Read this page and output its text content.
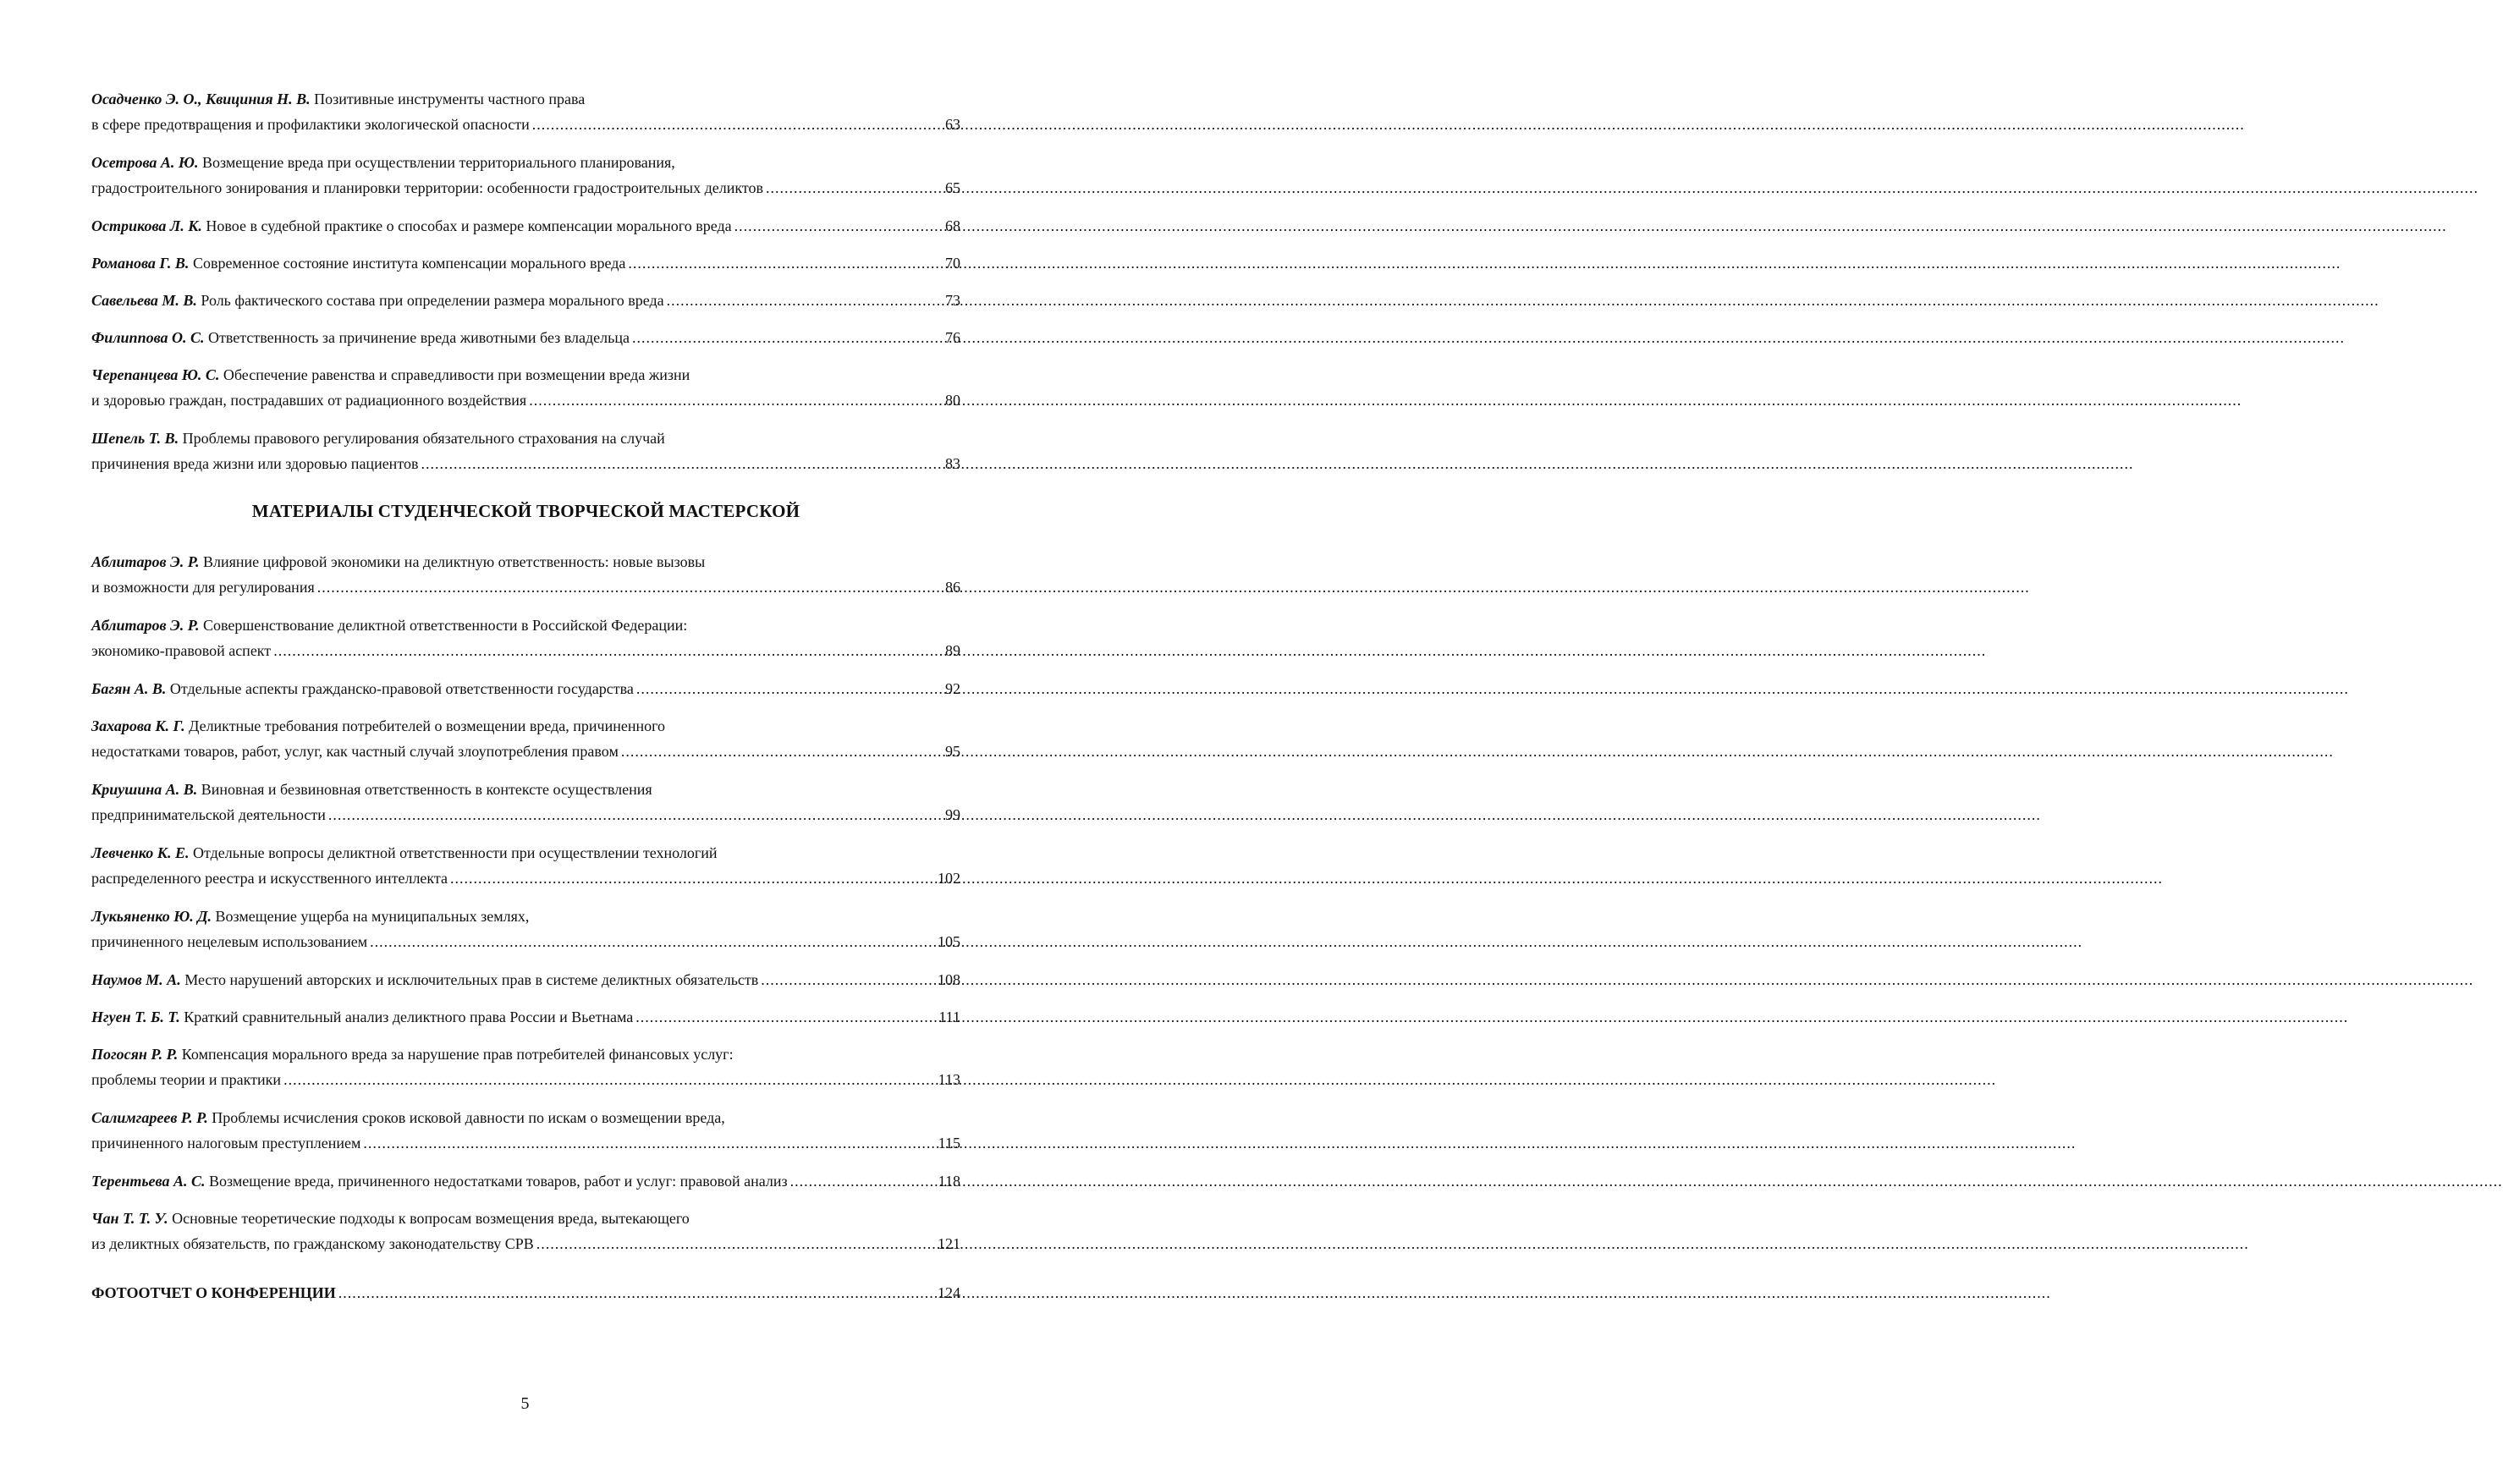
Осадченко Э. О., Квициния Н. В.
Позитивные инструменты частного права
в сфере предотвращения и профилактики экологической опасности .....	63
Осетрова А. Ю.
Возмещение вреда при осуществлении территориального планирования,
градостроительного зонирования и планировки территории: особенности градостроительных деликтов .....	65
Острикова Л. К.
Новое в судебной практике о способах и размере компенсации морального вреда .....	68
Романова Г. В.
Современное состояние института компенсации морального вреда .....	70
Савельева М. В.
Роль фактического состава при определении размера морального вреда .....	73
Филиппова О. С.
Ответственность за причинение вреда животными без владельца .....	76
Черепанцева Ю. С.
Обеспечение равенства и справедливости при возмещении вреда жизни
и здоровью граждан, пострадавших от радиационного воздействия .....	80
Шепель Т. В.
Проблемы правового регулирования обязательного страхования на случай
причинения вреда жизни или здоровью пациентов .....	83
МАТЕРИАЛЫ СТУДЕНЧЕСКОЙ ТВОРЧЕСКОЙ МАСТЕРСКОЙ
Аблитаров Э. Р.
Влияние цифровой экономики на деликтную ответственность: новые вызовы
и возможности для регулирования .....	86
Аблитаров Э. Р.
Совершенствование деликтной ответственности в Российской Федерации:
экономико-правовой аспект .....	89
Багян А. В.
Отдельные аспекты гражданско-правовой ответственности государства .....	92
Захарова К. Г.
Деликтные требования потребителей о возмещении вреда, причиненного
недостатками товаров, работ, услуг, как частный случай злоупотребления правом .....	95
Криушина А. В.
Виновная и безвиновная ответственность в контексте осуществления
предпринимательской деятельности .....	99
Левченко К. Е.
Отдельные вопросы деликтной ответственности при осуществлении технологий
распределенного реестра и искусственного интеллекта .....	102
Лукьяненко Ю. Д.
Возмещение ущерба на муниципальных землях,
причиненного нецелевым использованием .....	105
Наумов М. А.
Место нарушений авторских и исключительных прав в системе деликтных обязательств .....	108
Нгуен Т. Б. Т.
Краткий сравнительный анализ деликтного права России и Вьетнама .....	111
Погосян Р. Р.
Компенсация морального вреда за нарушение прав потребителей финансовых услуг:
проблемы теории и практики .....	113
Салимгареев Р. Р.
Проблемы исчисления сроков исковой давности по искам о возмещении вреда,
причиненного налоговым преступлением .....	115
Терентьева А. С.
Возмещение вреда, причиненного недостатками товаров, работ и услуг: правовой анализ .....	118
Чан Т. Т. У.
Основные теоретические подходы к вопросам возмещения вреда, вытекающего
из деликтных обязательств, по гражданскому законодательству СРВ .....	121
ФОТООТЧЕТ О КОНФЕРЕНЦИИ .....	124
5
